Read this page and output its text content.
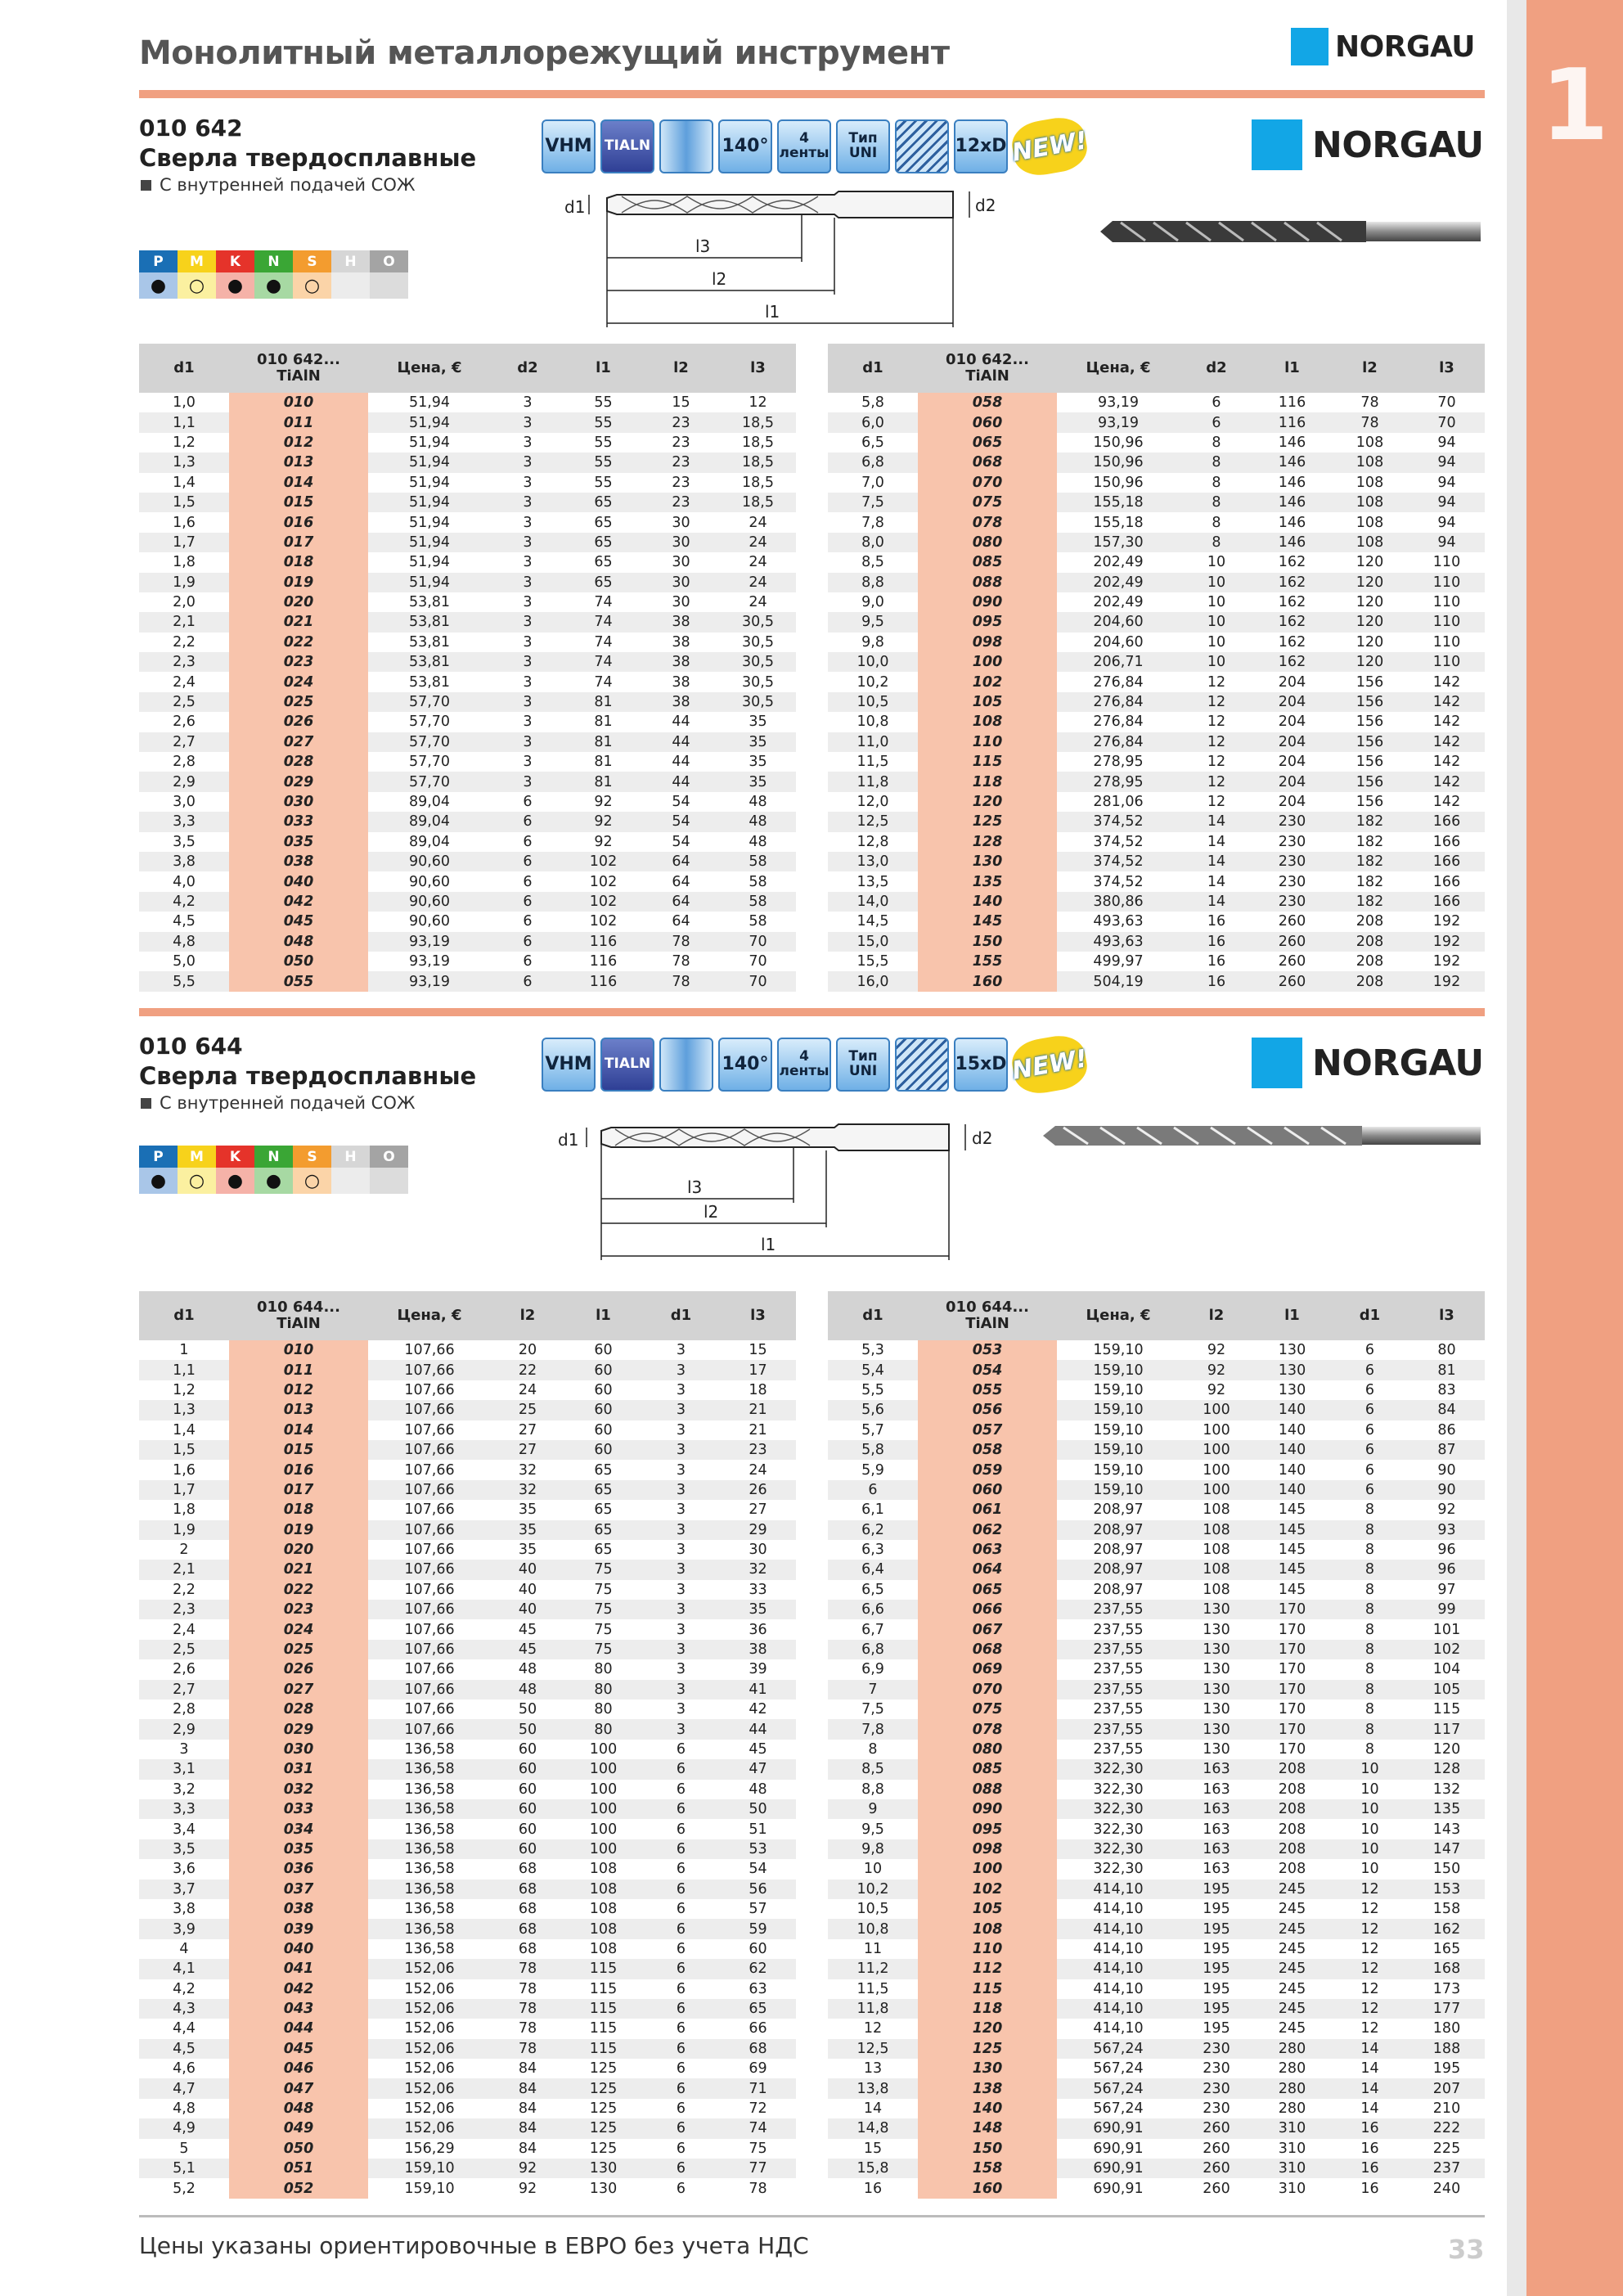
1
Монолитный металлорежущий инструмент	NORGAU
010 642
Сверла твердосплавные
С внутренней подачей СОЖ
VHM TIALN	140°	4 ленты
Тип UNI	12xD NEW!	NORGAU
P	M	K	N	S	H	O
●	○	●	●	○
d1	d2
l3
l2
l1
d1	010 642...
TiAlN	Цена, €	d2	l1	l2	l3
1,0	010	51,94	3	55	15	12
1,1	011	51,94	3	55	23	18,5
1,2	012	51,94	3	55	23	18,5
1,3	013	51,94	3	55	23	18,5
1,4	014	51,94	3	55	23	18,5
1,5	015	51,94	3	65	23	18,5
1,6	016	51,94	3	65	30	24
1,7	017	51,94	3	65	30	24
1,8	018	51,94	3	65	30	24
1,9	019	51,94	3	65	30	24
2,0	020	53,81	3	74	30	24
2,1	021	53,81	3	74	38	30,5
2,2	022	53,81	3	74	38	30,5
2,3	023	53,81	3	74	38	30,5
2,4	024	53,81	3	74	38	30,5
2,5	025	57,70	3	81	38	30,5
2,6	026	57,70	3	81	44	35
2,7	027	57,70	3	81	44	35
2,8	028	57,70	3	81	44	35
2,9	029	57,70	3	81	44	35
3,0	030	89,04	6	92	54	48
3,3	033	89,04	6	92	54	48
3,5	035	89,04	6	92	54	48
3,8	038	90,60	6	102	64	58
4,0	040	90,60	6	102	64	58
4,2	042	90,60	6	102	64	58
4,5	045	90,60	6	102	64	58
4,8	048	93,19	6	116	78	70
5,0	050	93,19	6	116	78	70
5,5	055	93,19	6	116	78	70
d1	010 642...
TiAlN	Цена, €	d2	l1	l2	l3
5,8	058	93,19	6	116	78	70
6,0	060	93,19	6	116	78	70
6,5	065	150,96	8	146	108	94
6,8	068	150,96	8	146	108	94
7,0	070	150,96	8	146	108	94
7,5	075	155,18	8	146	108	94
7,8	078	155,18	8	146	108	94
8,0	080	157,30	8	146	108	94
8,5	085	202,49	10	162	120	110
8,8	088	202,49	10	162	120	110
9,0	090	202,49	10	162	120	110
9,5	095	204,60	10	162	120	110
9,8	098	204,60	10	162	120	110
10,0	100	206,71	10	162	120	110
10,2	102	276,84	12	204	156	142
10,5	105	276,84	12	204	156	142
10,8	108	276,84	12	204	156	142
11,0	110	276,84	12	204	156	142
11,5	115	278,95	12	204	156	142
11,8	118	278,95	12	204	156	142
12,0	120	281,06	12	204	156	142
12,5	125	374,52	14	230	182	166
12,8	128	374,52	14	230	182	166
13,0	130	374,52	14	230	182	166
13,5	135	374,52	14	230	182	166
14,0	140	380,86	14	230	182	166
14,5	145	493,63	16	260	208	192
15,0	150	493,63	16	260	208	192
15,5	155	499,97	16	260	208	192
16,0	160	504,19	16	260	208	192
010 644
Сверла твердосплавные
С внутренней подачей СОЖ
VHM TIALN	140°	4 ленты
Тип UNI	15xD NEW!	NORGAU
P	M	K	N	S	H	O
●	○	●	●	○
d1	d2
l3
l2
l1
d1	010 644...
TiAlN	Цена, €	l2	l1	d1	l3
1	010	107,66	20	60	3	15
1,1	011	107,66	22	60	3	17
1,2	012	107,66	24	60	3	18
1,3	013	107,66	25	60	3	21
1,4	014	107,66	27	60	3	21
1,5	015	107,66	27	60	3	23
1,6	016	107,66	32	65	3	24
1,7	017	107,66	32	65	3	26
1,8	018	107,66	35	65	3	27
1,9	019	107,66	35	65	3	29
2	020	107,66	35	65	3	30
2,1	021	107,66	40	75	3	32
2,2	022	107,66	40	75	3	33
2,3	023	107,66	40	75	3	35
2,4	024	107,66	45	75	3	36
2,5	025	107,66	45	75	3	38
2,6	026	107,66	48	80	3	39
2,7	027	107,66	48	80	3	41
2,8	028	107,66	50	80	3	42
2,9	029	107,66	50	80	3	44
3	030	136,58	60	100	6	45
3,1	031	136,58	60	100	6	47
3,2	032	136,58	60	100	6	48
3,3	033	136,58	60	100	6	50
3,4	034	136,58	60	100	6	51
3,5	035	136,58	60	100	6	53
3,6	036	136,58	68	108	6	54
3,7	037	136,58	68	108	6	56
3,8	038	136,58	68	108	6	57
3,9	039	136,58	68	108	6	59
4	040	136,58	68	108	6	60
4,1	041	152,06	78	115	6	62
4,2	042	152,06	78	115	6	63
4,3	043	152,06	78	115	6	65
4,4	044	152,06	78	115	6	66
4,5	045	152,06	78	115	6	68
4,6	046	152,06	84	125	6	69
4,7	047	152,06	84	125	6	71
4,8	048	152,06	84	125	6	72
4,9	049	152,06	84	125	6	74
5	050	156,29	84	125	6	75
5,1	051	159,10	92	130	6	77
5,2	052	159,10	92	130	6	78
d1	010 644...
TiAlN	Цена, €	l2	l1	d1	l3
5,3	053	159,10	92	130	6	80
5,4	054	159,10	92	130	6	81
5,5	055	159,10	92	130	6	83
5,6	056	159,10	100	140	6	84
5,7	057	159,10	100	140	6	86
5,8	058	159,10	100	140	6	87
5,9	059	159,10	100	140	6	90
6	060	159,10	100	140	6	90
6,1	061	208,97	108	145	8	92
6,2	062	208,97	108	145	8	93
6,3	063	208,97	108	145	8	96
6,4	064	208,97	108	145	8	96
6,5	065	208,97	108	145	8	97
6,6	066	237,55	130	170	8	99
6,7	067	237,55	130	170	8	101
6,8	068	237,55	130	170	8	102
6,9	069	237,55	130	170	8	104
7	070	237,55	130	170	8	105
7,5	075	237,55	130	170	8	115
7,8	078	237,55	130	170	8	117
8	080	237,55	130	170	8	120
8,5	085	322,30	163	208	10	128
8,8	088	322,30	163	208	10	132
9	090	322,30	163	208	10	135
9,5	095	322,30	163	208	10	143
9,8	098	322,30	163	208	10	147
10	100	322,30	163	208	10	150
10,2	102	414,10	195	245	12	153
10,5	105	414,10	195	245	12	158
10,8	108	414,10	195	245	12	162
11	110	414,10	195	245	12	165
11,2	112	414,10	195	245	12	168
11,5	115	414,10	195	245	12	173
11,8	118	414,10	195	245	12	177
12	120	414,10	195	245	12	180
12,5	125	567,24	230	280	14	188
13	130	567,24	230	280	14	195
13,8	138	567,24	230	280	14	207
14	140	567,24	230	280	14	210
14,8	148	690,91	260	310	16	222
15	150	690,91	260	310	16	225
15,8	158	690,91	260	310	16	237
16	160	690,91	260	310	16	240
Цены указаны ориентировочные в ЕВРО без учета НДС	33
